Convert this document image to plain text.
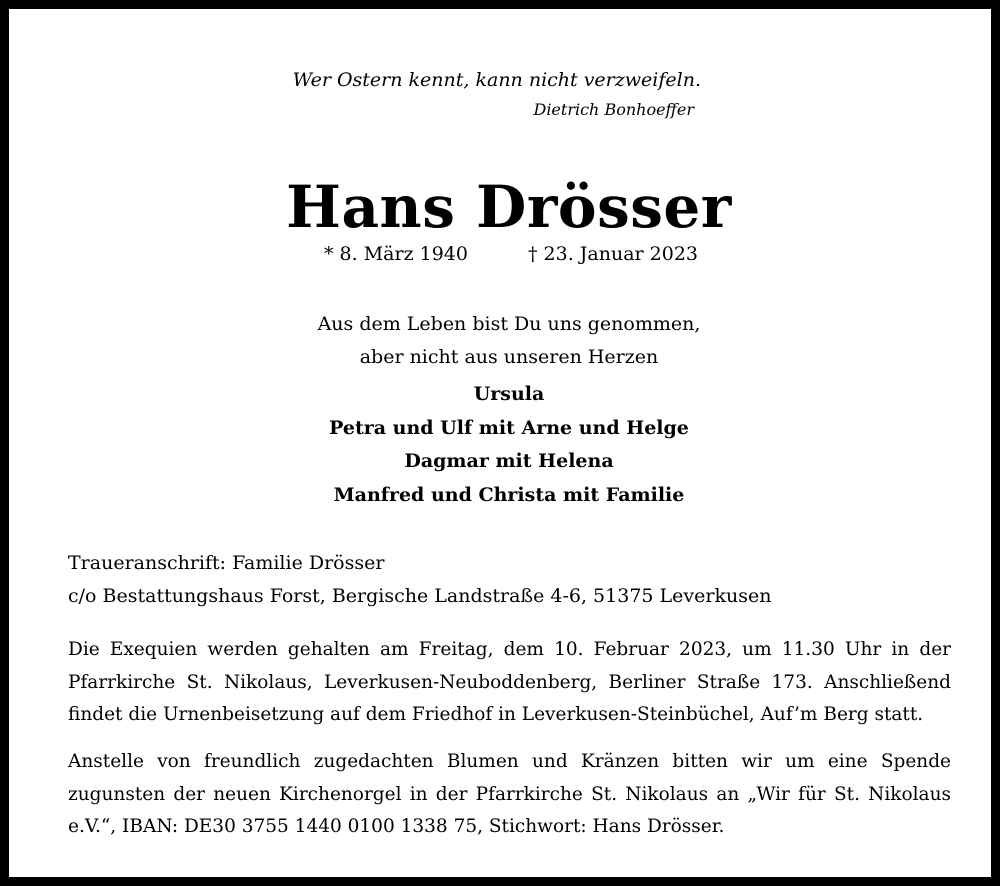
Wer Ostern kennt, kann nicht verzweifeln.
Dietrich Bonhoeffer
Hans Drösser
* 8. März 1940	† 23. Januar 2023
Aus dem Leben bist Du uns genommen,
aber nicht aus unseren Herzen
Ursula
Petra und Ulf mit Arne und Helge
Dagmar mit Helena
Manfred und Christa mit Familie
Traueranschrift: Familie Drösser
c/o Bestattungshaus Forst, Bergische Landstraße 4-6, 51375 Leverkusen
Die Exequien werden gehalten am Freitag, dem 10. Februar 2023, um 11.30 Uhr in der
Pfarrkirche St. Nikolaus, Leverkusen-Neuboddenberg, Berliner Straße 173. Anschließend
findet die Urnenbeisetzung auf dem Friedhof in Leverkusen-Steinbüchel, Auf’m Berg statt.
Anstelle von freundlich zugedachten Blumen und Kränzen bitten wir um eine Spende
zugunsten der neuen Kirchenorgel in der Pfarrkirche St. Nikolaus an „Wir für St. Nikolaus
e.V.“, IBAN: DE30 3755 1440 0100 1338 75, Stichwort: Hans Drösser.
